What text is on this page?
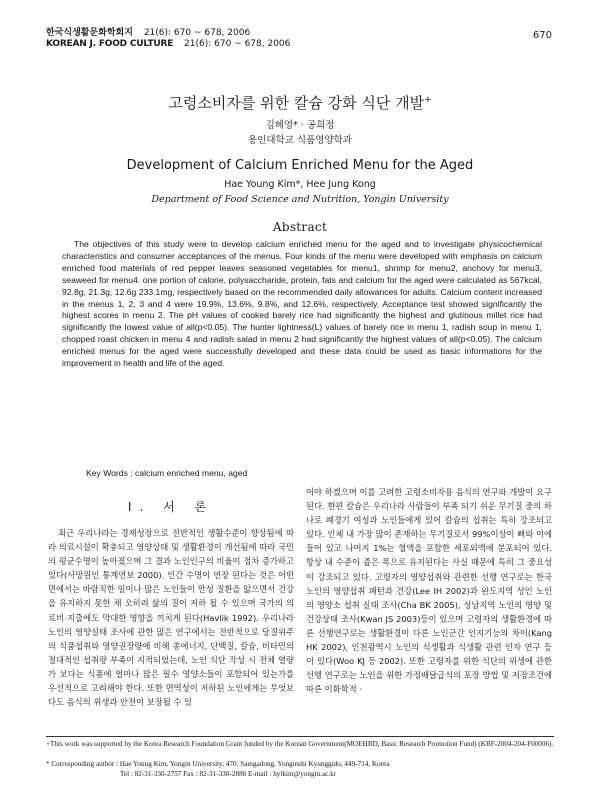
한국식생활문화학회지 21(6): 670 ~ 678, 2006
KOREAN J. FOOD CULTURE 21(6): 670 ~ 678, 2006
670
고령소비자를 위한 칼슘 강화 식단 개발+
김혜영* · 공희정
용인대학교 식품영양학과
Development of Calcium Enriched Menu for the Aged
Hae Young Kim*, Hee Jung Kong
Department of Food Science and Nutrition, Yongin University
Abstract
The objectives of this study were to develop calcium enriched menu for the aged and to investigate physicochemical characteristics and consumer acceptances of the menus. Four kinds of the menu were developed with emphasis on calcium enriched food materials of red pepper leaves seasoned vegetables for menu1, shrimp for menu2, anchovy for menu3, seaweed for menu4. one portion of calorie, polysaccharide, protein, fats and calcium for the aged were calculated as 567kcal, 92.8g, 21.3g, 12.6g 233.1mg, respectively based on the recommended daily allowances for adults. Calcium content increased in the menus 1, 2, 3 and 4 were 19.9%, 13.6%, 9.8%, and 12.6%, respectively. Acceptance test showed significantly the highest scores in menu 2. The pH values of cooked barely rice had significantly the highest and glutinous millet rice had significantly the lowest value of all(p<0.05). The hunter lightness(L) values of barely rice in menu 1, radish soup in menu 1, chopped roast chicken in menu 4 and radish salad in menu 2 had significantly the highest values of all(p<0.05). The calcium enriched menus for the aged were successfully developed and these data could be used as basic informations for the improvement in health and life of the aged.
Key Words : calcium enriched menu, aged
I. 서 론

최근 우리나라는 경제성장으로 전반적인 생활수준이 향상됨에 따라 의료시설이 확충되고 영양상태 및 생활환경이 개선됨에 따라 국민의 평균수명이 높아졌으며 그 결과 노인인구의 비율이 점차 증가하고 있다(사망원인 통계연보 2000). 인간 수명이 연장 된다는 것은 어떤 면에서는 바람직한 일이나 많은 노인들이 만성 질환을 앓으면서 건강을 유지하지 못한 채 오히려 삶의 질이 저하 될 수 있으며 국가의 의료비 지출에도 막대한 영향을 끼치게 된다(Havlik 1992). 우리나라 노인의 영양실태 조사에 관한 많은 연구에서는 전반적으로 당질위주의 식품섭취와 영양권장량에 비해 총에너지, 단백질, 칼슘, 비타민의 절대적인 섭취량 부족이 지적되었는데, 노인 식단 작성 시 전체 열량가 보다는 식품에 얼마나 많은 필수 영양소들이 포함되어 있는가를 우선적으로 고려해야 한다. 또한 면역성이 저하된 노인에게는 무엇보다도 음식의 위생과 안전이 보장될 수 있

어야 하겠으며 이를 고려한 고령소비자용 음식의 연구와 개발이 요구 된다. 한편 칼슘은 우리나라 사람들이 부족 되기 쉬운 무기질 중의 하나로 폐경기 여성과 노인들에게 있어 칼슘의 섭취는 특히 강조되고 있다. 인체 내 가장 많이 존재하는 무기질로서 99%이상이 뼈와 이에 들어 있고 나머지 1%는 혈액을 포함한 세포외액에 분포되어 있다. 항상 내 수준이 좁은 폭으로 유지된다는 사실 때문에 특히 그 중요성이 강조되고 있다. 고령자의 영양섭취와 관련한 선행 연구로는 한국노인의 영양섭취 패턴과 건강(Lee IH 2002)과 완도지역 성인 노인의 영양소 섭취 실태 조사(Cha BK 2005), 성남지역 노인의 영양 및 건강상태 조사(Kwan JS 2003)등이 있으며 고령자의 생활환경에 따른 선행연구로는 생활환경이 다른 노인군간 인지기능의 차이(Kang HK 2002), 인천광역시 노인의 식생활과 식생활 관련 인자 연구 등이 있다(Woo KJ 등 2002). 또한 고령자를 위한 식단의 위생에 관한 선행 연구로는 노인을 위한 가정배달급식의 포장 방법 및 저장조건에 따른 이화학적 ·

+This work was supported by the Korea Research Foundation Grant funded by the Korean Government(MOEHRD, Basic Research Promotion Fund) (KRF-2004-204-F00006).
* Corresponding author : Hae Young Kim, Yongin University, 470, Samgadong, Yonginshi Kyunggido, 449-714, Korea
Tel : 82-31-330-2757 Fax : 82-31-330-2886 E-mail : hylkim@yongin.ac.kr
